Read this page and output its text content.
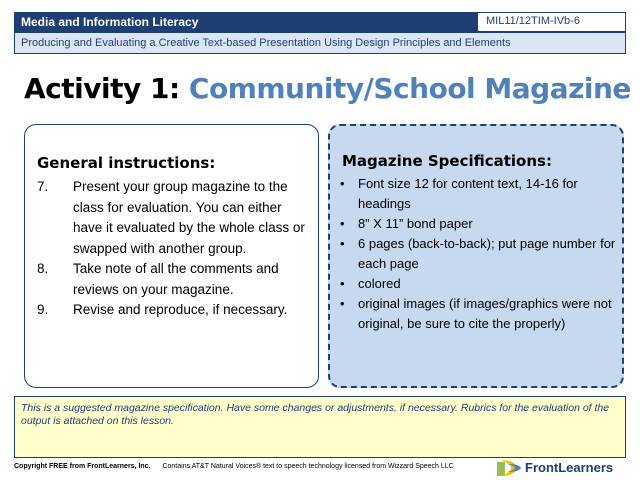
Media and Information Literacy	MIL11/12TIM-IVb-6
Producing and Evaluating a Creative Text-based Presentation Using Design Principles and Elements
Activity 1: Community/School Magazine
General instructions:
7. Present your group magazine to the class for evaluation. You can either have it evaluated by the whole class or swapped with another group.
8. Take note of all the comments and reviews on your magazine.
9. Revise and reproduce, if necessary.
Magazine Specifications:
• Font size 12 for content text, 14-16 for headings
• 8” X 11” bond paper
• 6 pages (back-to-back); put page number for each page
• colored
• original images (if images/graphics were not original, be sure to cite the properly)
This is a suggested magazine specification. Have some changes or adjustments, if necessary. Rubrics for the evaluation of the output is attached on this lesson.
Copyright FREE from FrontLearners, Inc. Contains AT&T Natural Voices® text to speech technology licensed from Wizzard Speech LLC	FrontLearners
